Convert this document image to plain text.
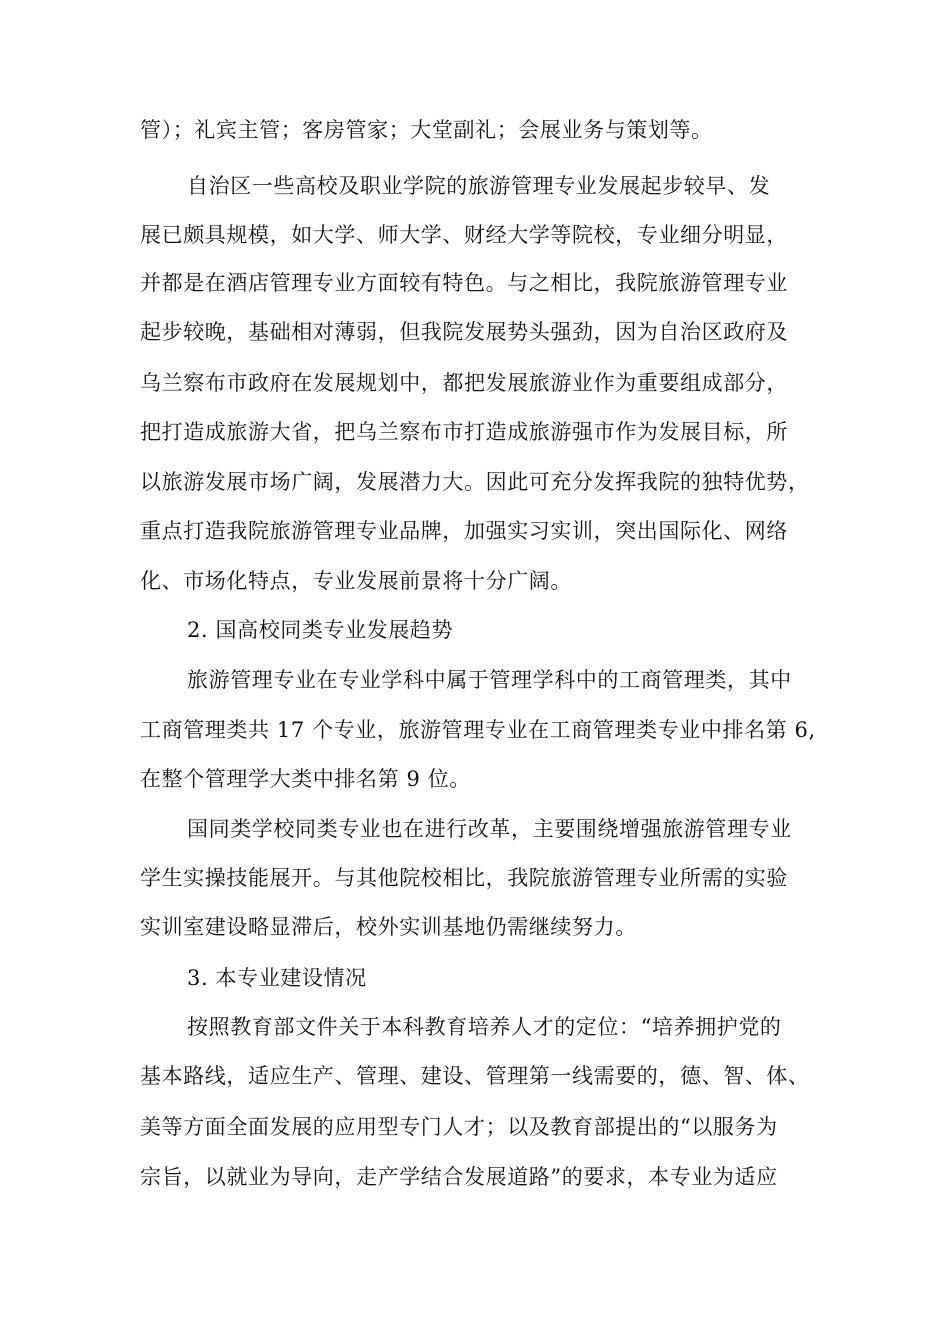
管）；礼宾主管；客房管家；大堂副礼；会展业务与策划等。
自治区一些高校及职业学院的旅游管理专业发展起步较早、发
展已颇具规模，如大学、师大学、财经大学等院校，专业细分明显，
并都是在酒店管理专业方面较有特色。与之相比，我院旅游管理专业
起步较晚，基础相对薄弱，但我院发展势头强劲，因为自治区政府及
乌兰察布市政府在发展规划中，都把发展旅游业作为重要组成部分，
把打造成旅游大省，把乌兰察布市打造成旅游强市作为发展目标，所
以旅游发展市场广阔，发展潜力大。因此可充分发挥我院的独特优势，
重点打造我院旅游管理专业品牌，加强实习实训，突出国际化、网络
化、市场化特点，专业发展前景将十分广阔。
2. 国高校同类专业发展趋势
旅游管理专业在专业学科中属于管理学科中的工商管理类，其中
工商管理类共 17 个专业，旅游管理专业在工商管理类专业中排名第 6,
在整个管理学大类中排名第 9 位。
国同类学校同类专业也在进行改革，主要围绕增强旅游管理专业
学生实操技能展开。与其他院校相比，我院旅游管理专业所需的实验
实训室建设略显滞后，校外实训基地仍需继续努力。
3. 本专业建设情况
按照教育部文件关于本科教育培养人才的定位：“培养拥护党的
基本路线，适应生产、管理、建设、管理第一线需要的，德、智、体、
美等方面全面发展的应用型专门人才；以及教育部提出的“以服务为
宗旨，以就业为导向，走产学结合发展道路”的要求，本专业为适应
